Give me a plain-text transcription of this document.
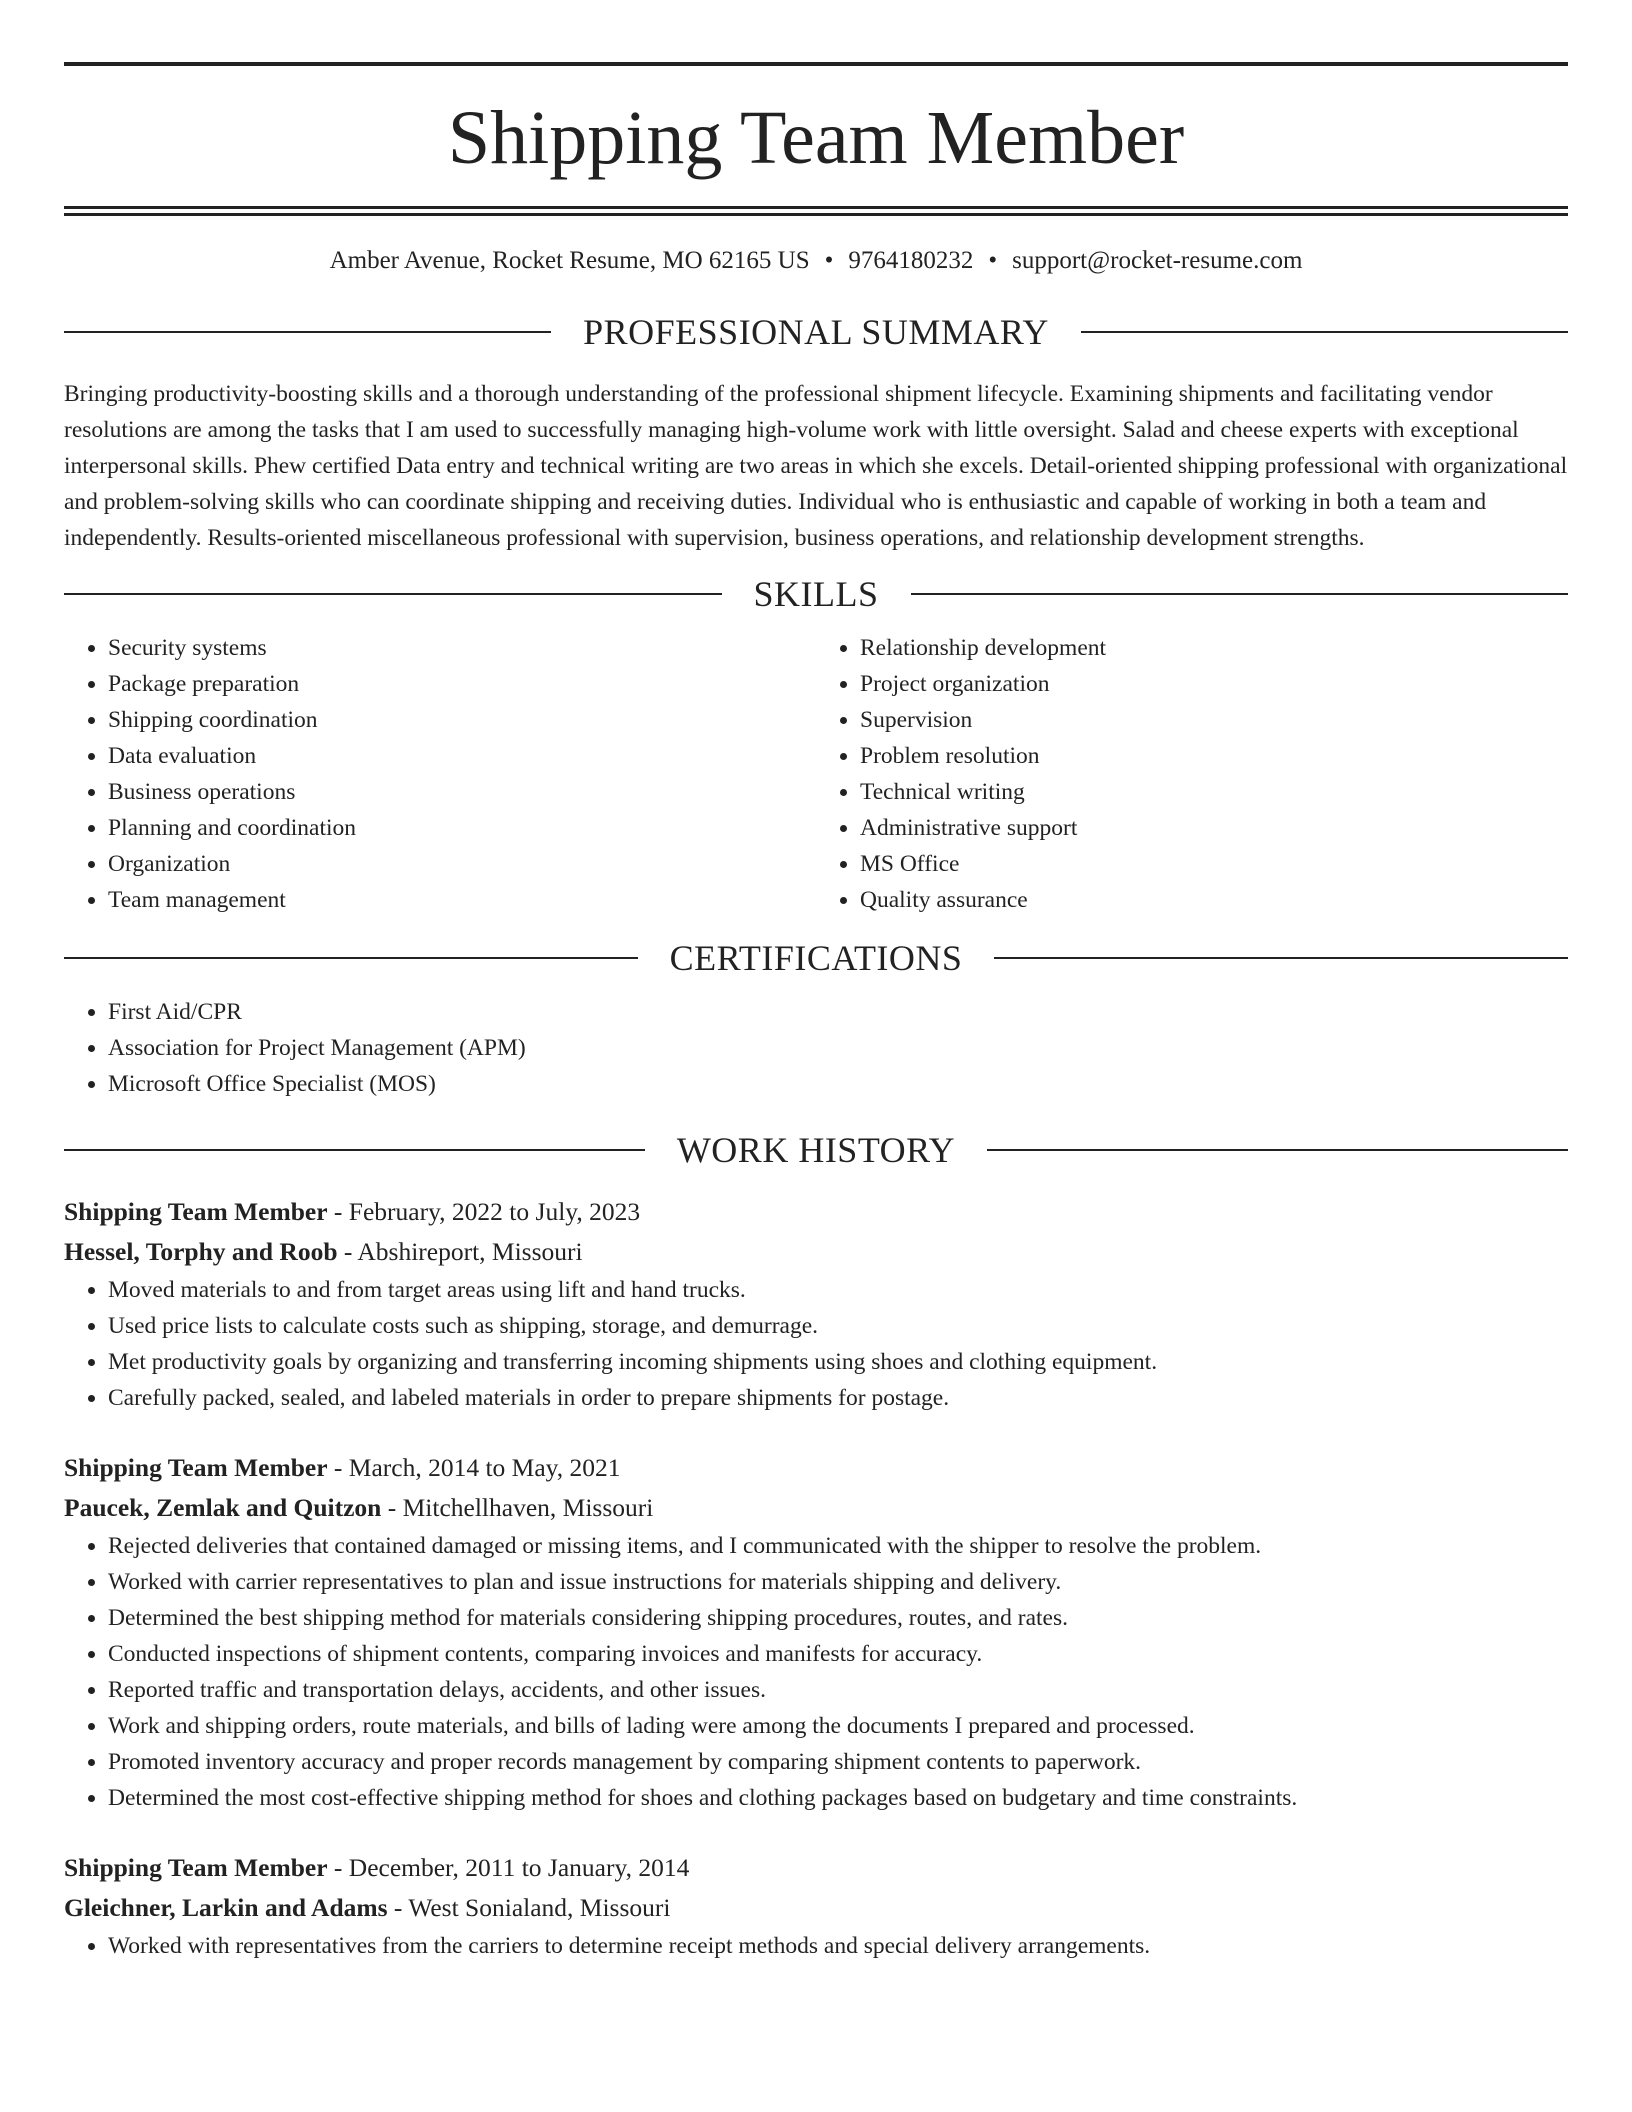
Shipping Team Member
Amber Avenue, Rocket Resume, MO 62165 US • 9764180232 • support@rocket-resume.com
PROFESSIONAL SUMMARY

Bringing productivity-boosting skills and a thorough understanding of the professional shipment lifecycle. Examining shipments and facilitating vendor resolutions are among the tasks that I am used to successfully managing high-volume work with little oversight. Salad and cheese experts with exceptional interpersonal skills. Phew certified Data entry and technical writing are two areas in which she excels. Detail-oriented shipping professional with organizational and problem-solving skills who can coordinate shipping and receiving duties. Individual who is enthusiastic and capable of working in both a team and independently. Results-oriented miscellaneous professional with supervision, business operations, and relationship development strengths.

SKILLS
• Security systems
• Package preparation
• Shipping coordination
• Data evaluation
• Business operations
• Planning and coordination
• Organization
• Team management
• Relationship development
• Project organization
• Supervision
• Problem resolution
• Technical writing
• Administrative support
• MS Office
• Quality assurance
CERTIFICATIONS
• First Aid/CPR
• Association for Project Management (APM)
• Microsoft Office Specialist (MOS)
WORK HISTORY
Shipping Team Member - February, 2022 to July, 2023
Hessel, Torphy and Roob - Abshireport, Missouri
• Moved materials to and from target areas using lift and hand trucks.
• Used price lists to calculate costs such as shipping, storage, and demurrage.
• Met productivity goals by organizing and transferring incoming shipments using shoes and clothing equipment.
• Carefully packed, sealed, and labeled materials in order to prepare shipments for postage.
Shipping Team Member - March, 2014 to May, 2021
Paucek, Zemlak and Quitzon - Mitchellhaven, Missouri
• Rejected deliveries that contained damaged or missing items, and I communicated with the shipper to resolve the problem.
• Worked with carrier representatives to plan and issue instructions for materials shipping and delivery.
• Determined the best shipping method for materials considering shipping procedures, routes, and rates.
• Conducted inspections of shipment contents, comparing invoices and manifests for accuracy.
• Reported traffic and transportation delays, accidents, and other issues.
• Work and shipping orders, route materials, and bills of lading were among the documents I prepared and processed.
• Promoted inventory accuracy and proper records management by comparing shipment contents to paperwork.
• Determined the most cost-effective shipping method for shoes and clothing packages based on budgetary and time constraints.
Shipping Team Member - December, 2011 to January, 2014
Gleichner, Larkin and Adams - West Sonialand, Missouri
• Worked with representatives from the carriers to determine receipt methods and special delivery arrangements.
